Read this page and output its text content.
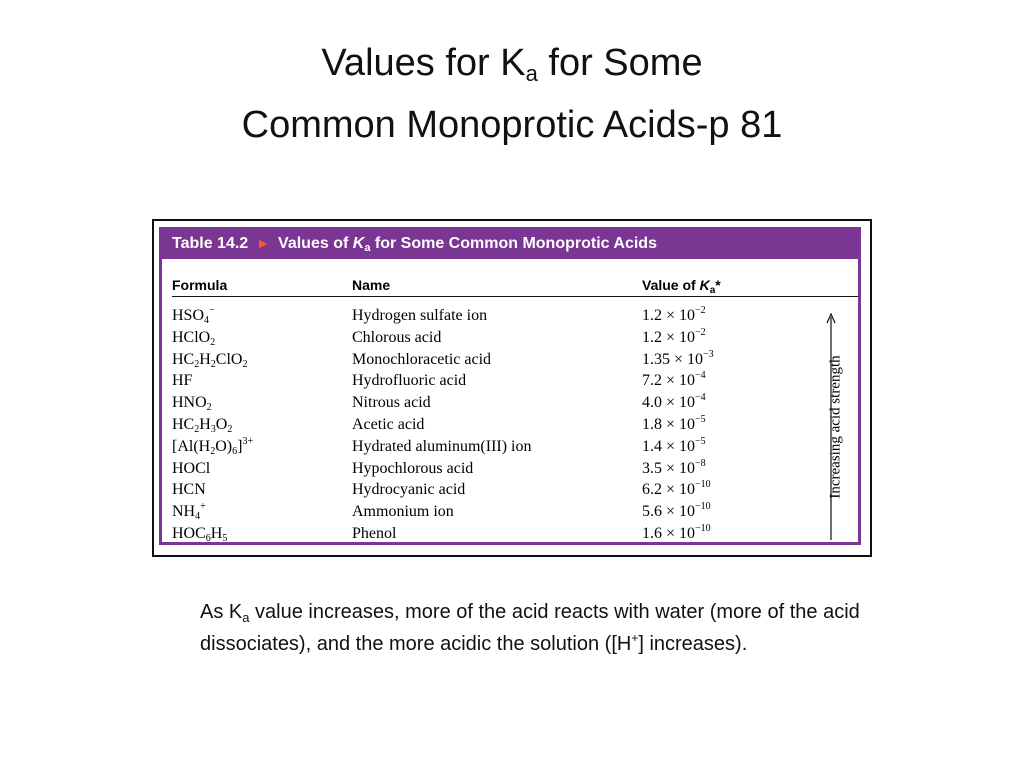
Values for $K_a$ for Some
Common Monoprotic Acids-p 81
Table 14.2 ► Values of $K_a$ for Some Common Monoprotic Acids
Formula	Name	Value of $K_a*$
$HSO_4^-$	Hydrogen sulfate ion	$1.2 \times 10^{-2}$
HClO$_2$	Chlorous acid	$1.2 \times 10^{-2}$
$HC_2H_2ClO_2$	Monochloracetic acid	$1.35 \times 10^{-3}$
HF	Hydrofluoric acid	$7.2 \times 10^{-4}$
$HNO_2$	Nitrous acid	$4.0 \times 10^{-4}$
$HC_2H_3O_2$	Acetic acid	$1.8 \times 10^{-5}$
$[Al(H_2O)_6]^{3+}$	Hydrated aluminum(III) ion	$1.4 \times 10^{-5}$
HOCl	Hypochlorous acid	$3.5 \times 10^{-8}$
HCN	Hydrocyanic acid	$6.2 \times 10^{-10}$
$NH_4^+$	Ammonium ion	$5.6 \times 10^{-10}$
$HOC_6H_5$	Phenol	$1.6 \times 10^{-10}$
Increasing acid strength
As $K_a$ value increases, more of the acid reacts with water (more of the acid dissociates), and the more acidic the solution ([H+] increases).
